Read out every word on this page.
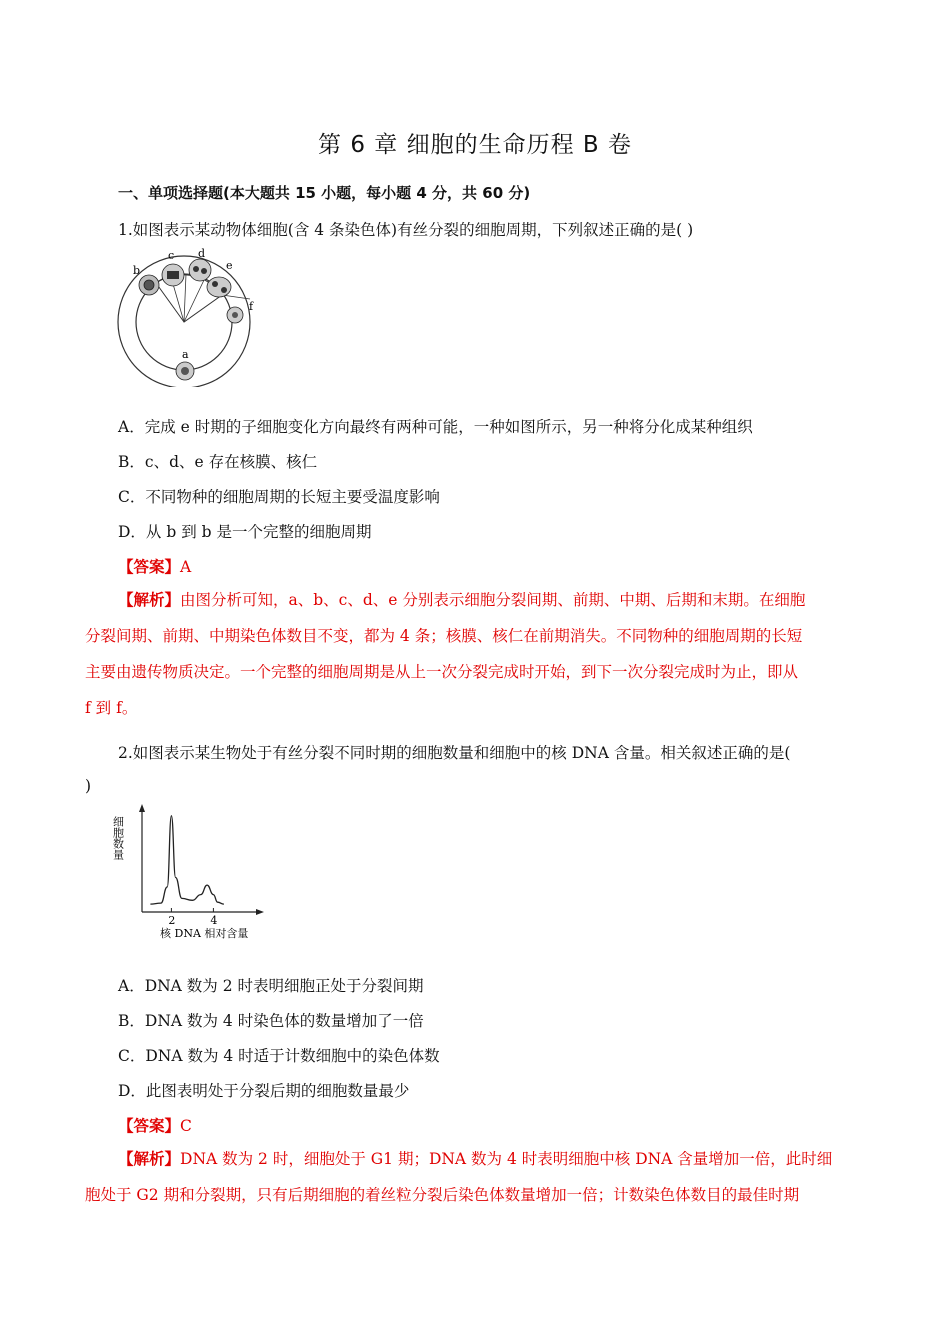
第 6 章 细胞的生命历程 B 卷
一、单项选择题(本大题共 15 小题，每小题 4 分，共 60 分)
1.如图表示某动物体细胞(含 4 条染色体)有丝分裂的细胞周期，下列叙述正确的是( )
a
b
c d
e
f
A．完成 e 时期的子细胞变化方向最终有两种可能，一种如图所示，另一种将分化成某种组织
B．c、d、e 存在核膜、核仁
C．不同物种的细胞周期的长短主要受温度影响
D．从 b 到 b 是一个完整的细胞周期
【答案】A
【解析】由图分析可知，a、b、c、d、e 分别表示细胞分裂间期、前期、中期、后期和末期。在细胞
分裂间期、前期、中期染色体数目不变，都为 4 条；核膜、核仁在前期消失。不同物种的细胞周期的长短
主要由遗传物质决定。一个完整的细胞周期是从上一次分裂完成时开始，到下一次分裂完成时为止，即从
f 到 f。
2.如图表示某生物处于有丝分裂不同时期的细胞数量和细胞中的核 DNA 含量。相关叙述正确的是(
)
2	4
细胞数量
核 DNA 相对含量
A．DNA 数为 2 时表明细胞正处于分裂间期
B．DNA 数为 4 时染色体的数量增加了一倍
C．DNA 数为 4 时适于计数细胞中的染色体数
D．此图表明处于分裂后期的细胞数量最少
【答案】C
【解析】DNA 数为 2 时，细胞处于 G1 期；DNA 数为 4 时表明细胞中核 DNA 含量增加一倍，此时细
胞处于 G2 期和分裂期，只有后期细胞的着丝粒分裂后染色体数量增加一倍；计数染色体数目的最佳时期
